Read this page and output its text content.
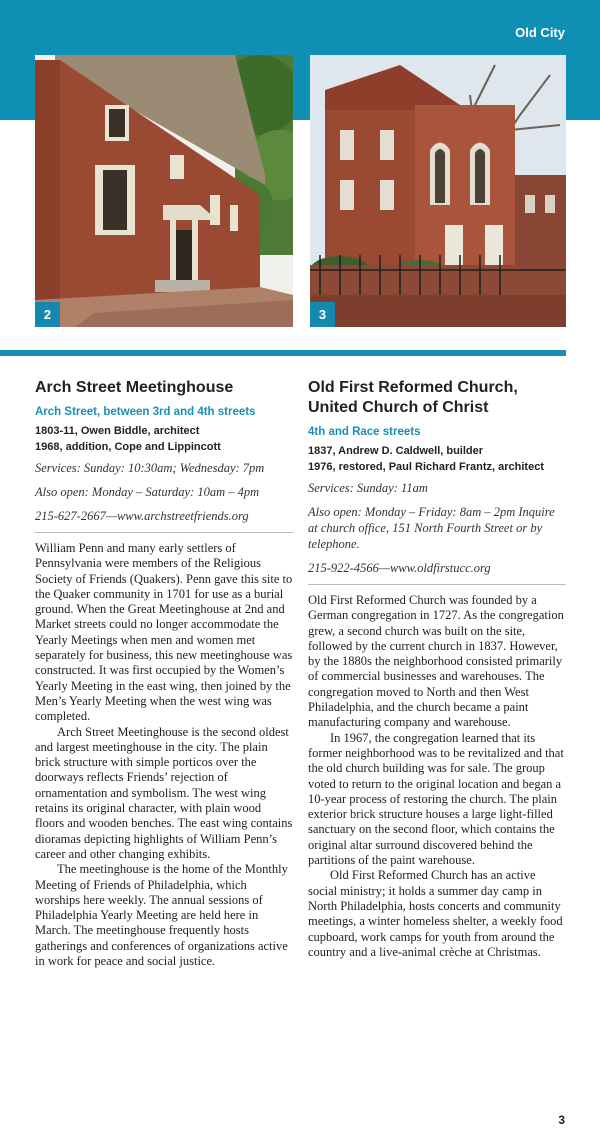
Old City
2	3
Arch Street Meetinghouse
Arch Street, between 3rd and 4th streets
1803-11, Owen Biddle, architect
1968, addition, Cope and Lippincott
Services: Sunday: 10:30am; Wednesday: 7pm
Also open: Monday – Saturday: 10am – 4pm
215-627-2667—www.archstreetfriends.org

William Penn and many early settlers of Pennsylvania were members of the Religious Society of Friends (Quakers). Penn gave this site to the Quaker community in 1701 for use as a burial ground. When the Great Meetinghouse at 2nd and Market streets could no longer accommodate the Yearly Meetings when men and women met separately for business, this new meetinghouse was constructed. It was first occupied by the Women’s Yearly Meeting in the east wing, then joined by the Men’s Yearly Meeting when the west wing was completed.

Arch Street Meetinghouse is the second oldest and largest meetinghouse in the city. The plain brick structure with simple porticos over the doorways reflects Friends’ rejection of ornamentation and symbolism. The west wing retains its original character, with plain wood floors and wooden benches. The east wing contains dioramas depicting highlights of William Penn’s career and other changing exhibits.

The meetinghouse is the home of the Monthly Meeting of Friends of Philadelphia, which worships here weekly. The annual sessions of Philadelphia Yearly Meeting are held here in March. The meetinghouse frequently hosts gatherings and conferences of organizations active in work for peace and social justice.

Old First Reformed Church, United Church of Christ
4th and Race streets
1837, Andrew D. Caldwell, builder
1976, restored, Paul Richard Frantz, architect
Services: Sunday: 11am
Also open: Monday – Friday: 8am – 2pm Inquire at church office, 151 North Fourth Street or by telephone.
215-922-4566—www.oldfirstucc.org

Old First Reformed Church was founded by a German congregation in 1727. As the congregation grew, a second church was built on the site, followed by the current church in 1837. However, by the 1880s the neighborhood consisted primarily of commercial businesses and warehouses. The congregation moved to North and then West Philadelphia, and the church became a paint manufacturing company and warehouse.

In 1967, the congregation learned that its former neighborhood was to be revitalized and that the old church building was for sale. The group voted to return to the original location and began a 10-year process of restoring the church. The plain exterior brick structure houses a large light-filled sanctuary on the second floor, which contains the original altar surround discovered behind the partitions of the paint warehouse.

Old First Reformed Church has an active social ministry; it holds a summer day camp in North Philadelphia, hosts concerts and community meetings, a winter homeless shelter, a weekly food cupboard, work camps for youth from around the country and a live-animal crèche at Christmas.

3
